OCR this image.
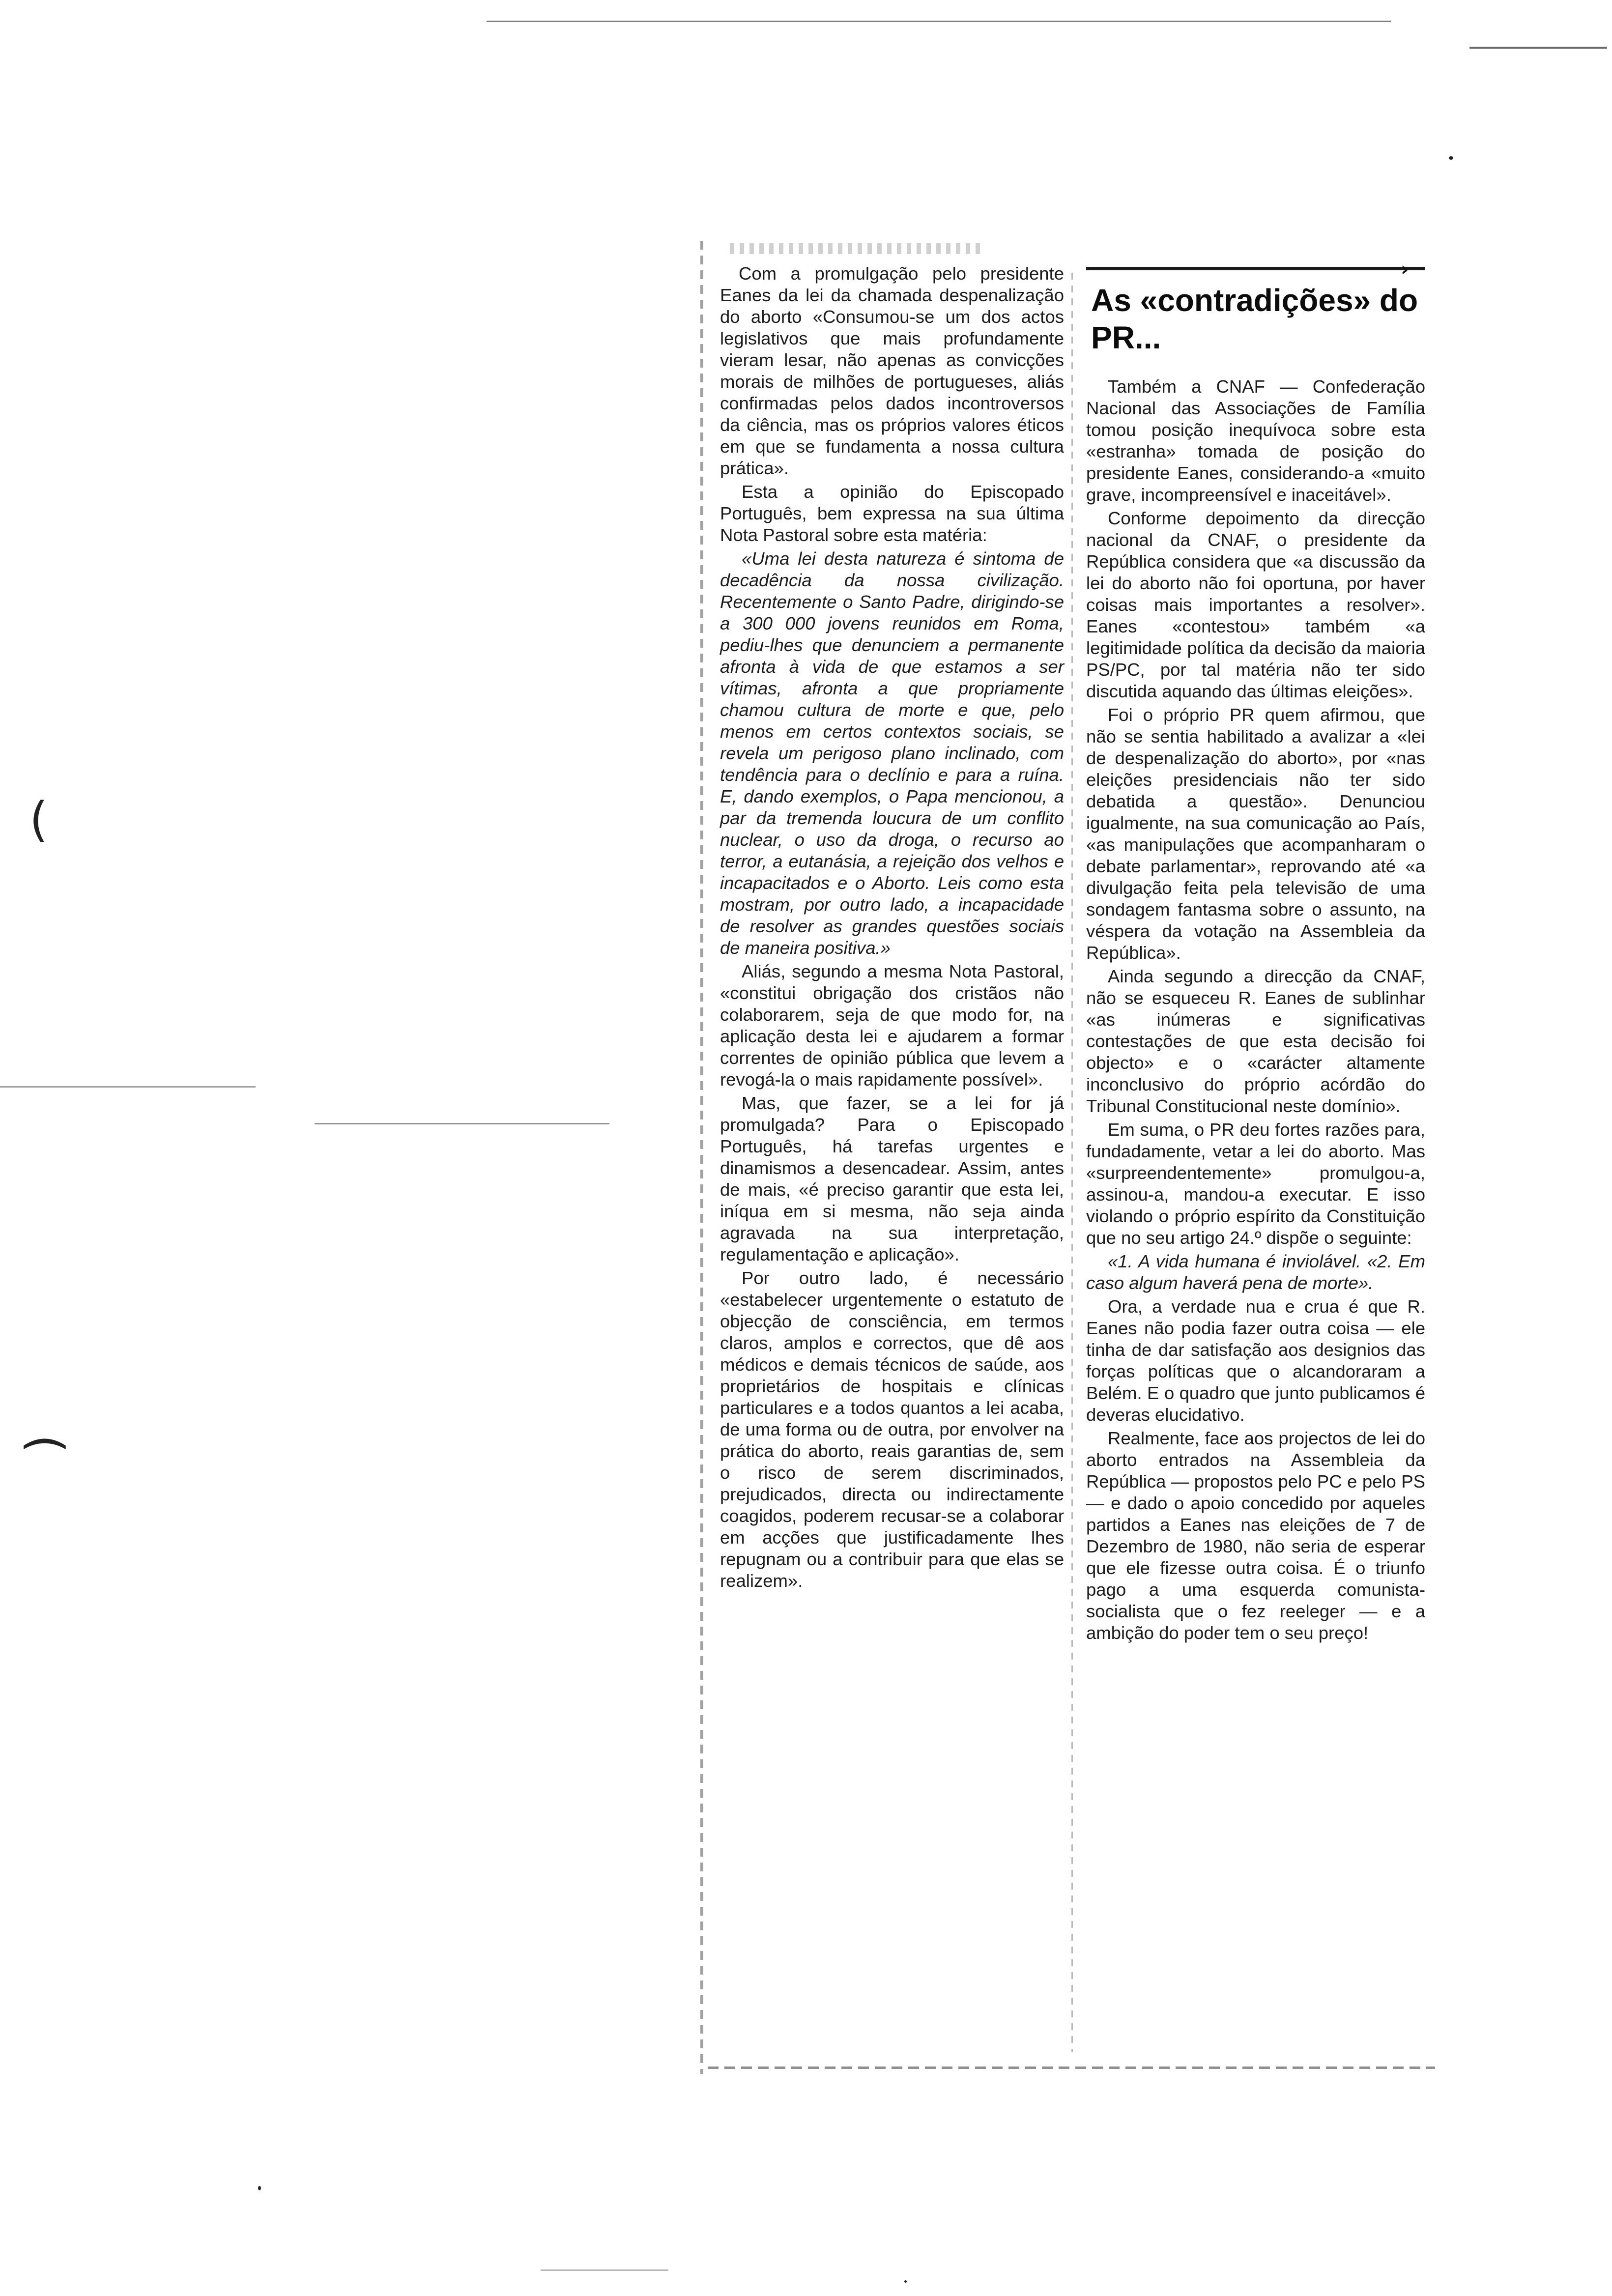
(
)

Com a promulgação pelo presidente Eanes da lei da chamada despenalização do aborto «Consumou-se um dos actos legislativos que mais profundamente vieram lesar, não apenas as convicções morais de milhões de portugueses, aliás confirmadas pelos dados incontroversos da ciência, mas os próprios valores éticos em que se fundamenta a nossa cultura prática».

Esta a opinião do Episcopado Português, bem expressa na sua última Nota Pastoral sobre esta matéria:

«Uma lei desta natureza é sintoma de decadência da nossa civilização. Recentemente o Santo Padre, dirigindo-se a 300 000 jovens reunidos em Roma, pediu-lhes que denunciem a permanente afronta à vida de que estamos a ser vítimas, afronta a que propriamente chamou cultura de morte e que, pelo menos em certos contextos sociais, se revela um perigoso plano inclinado, com tendência para o declínio e para a ruína. E, dando exemplos, o Papa mencionou, a par da tremenda loucura de um conflito nuclear, o uso da droga, o recurso ao terror, a eutanásia, a rejeição dos velhos e incapacitados e o Aborto. Leis como esta mostram, por outro lado, a incapacidade de resolver as grandes questões sociais de maneira positiva.»

Aliás, segundo a mesma Nota Pastoral, «constitui obrigação dos cristãos não colaborarem, seja de que modo for, na aplicação desta lei e ajudarem a formar correntes de opinião pública que levem a revogá-la o mais rapidamente possível».

Mas, que fazer, se a lei for já promulgada? Para o Episcopado Português, há tarefas urgentes e dinamismos a desencadear. Assim, antes de mais, «é preciso garantir que esta lei, iníqua em si mesma, não seja ainda agravada na sua interpretação, regulamentação e aplicação».

Por outro lado, é necessário «estabelecer urgentemente o estatuto de objecção de consciência, em termos claros, amplos e correctos, que dê aos médicos e demais técnicos de saúde, aos proprietários de hospitais e clínicas particulares e a todos quantos a lei acaba, de uma forma ou de outra, por envolver na prática do aborto, reais garantias de, sem o risco de serem discriminados, prejudicados, directa ou indirectamente coagidos, poderem recusar-se a colaborar em acções que justificadamente lhes repugnam ou a contribuir para que elas se realizem».

›
As «contradições» do PR...

Também a CNAF — Confederação Nacional das Associações de Família tomou posição inequívoca sobre esta «estranha» tomada de posição do presidente Eanes, considerando-a «muito grave, incompreensível e inaceitável».

Conforme depoimento da direcção nacional da CNAF, o presidente da República considera que «a discussão da lei do aborto não foi oportuna, por haver coisas mais importantes a resolver». Eanes «contestou» também «a legitimidade política da decisão da maioria PS/PC, por tal matéria não ter sido discutida aquando das últimas eleições».

Foi o próprio PR quem afirmou, que não se sentia habilitado a avalizar a «lei de despenalização do aborto», por «nas eleições presidenciais não ter sido debatida a questão». Denunciou igualmente, na sua comunicação ao País, «as manipulações que acompanharam o debate parlamentar», reprovando até «a divulgação feita pela televisão de uma sondagem fantasma sobre o assunto, na véspera da votação na Assembleia da República».

Ainda segundo a direcção da CNAF, não se esqueceu R. Eanes de sublinhar «as inúmeras e significativas contestações de que esta decisão foi objecto» e o «carácter altamente inconclusivo do próprio acórdão do Tribunal Constitucional neste domínio».

Em suma, o PR deu fortes razões para, fundadamente, vetar a lei do aborto. Mas «surpreendentemente» promulgou-a, assinou-a, mandou-a executar. E isso violando o próprio espírito da Constituição que no seu artigo 24.º dispõe o seguinte:

«1. A vida humana é inviolável. «2. Em caso algum haverá pena de morte».

Ora, a verdade nua e crua é que R. Eanes não podia fazer outra coisa — ele tinha de dar satisfação aos designios das forças políticas que o alcandoraram a Belém. E o quadro que junto publicamos é deveras elucidativo.

Realmente, face aos projectos de lei do aborto entrados na Assembleia da República — propostos pelo PC e pelo PS — e dado o apoio concedido por aqueles partidos a Eanes nas eleições de 7 de Dezembro de 1980, não seria de esperar que ele fizesse outra coisa. É o triunfo pago a uma esquerda comunista-socialista que o fez reeleger — e a ambição do poder tem o seu preço!
